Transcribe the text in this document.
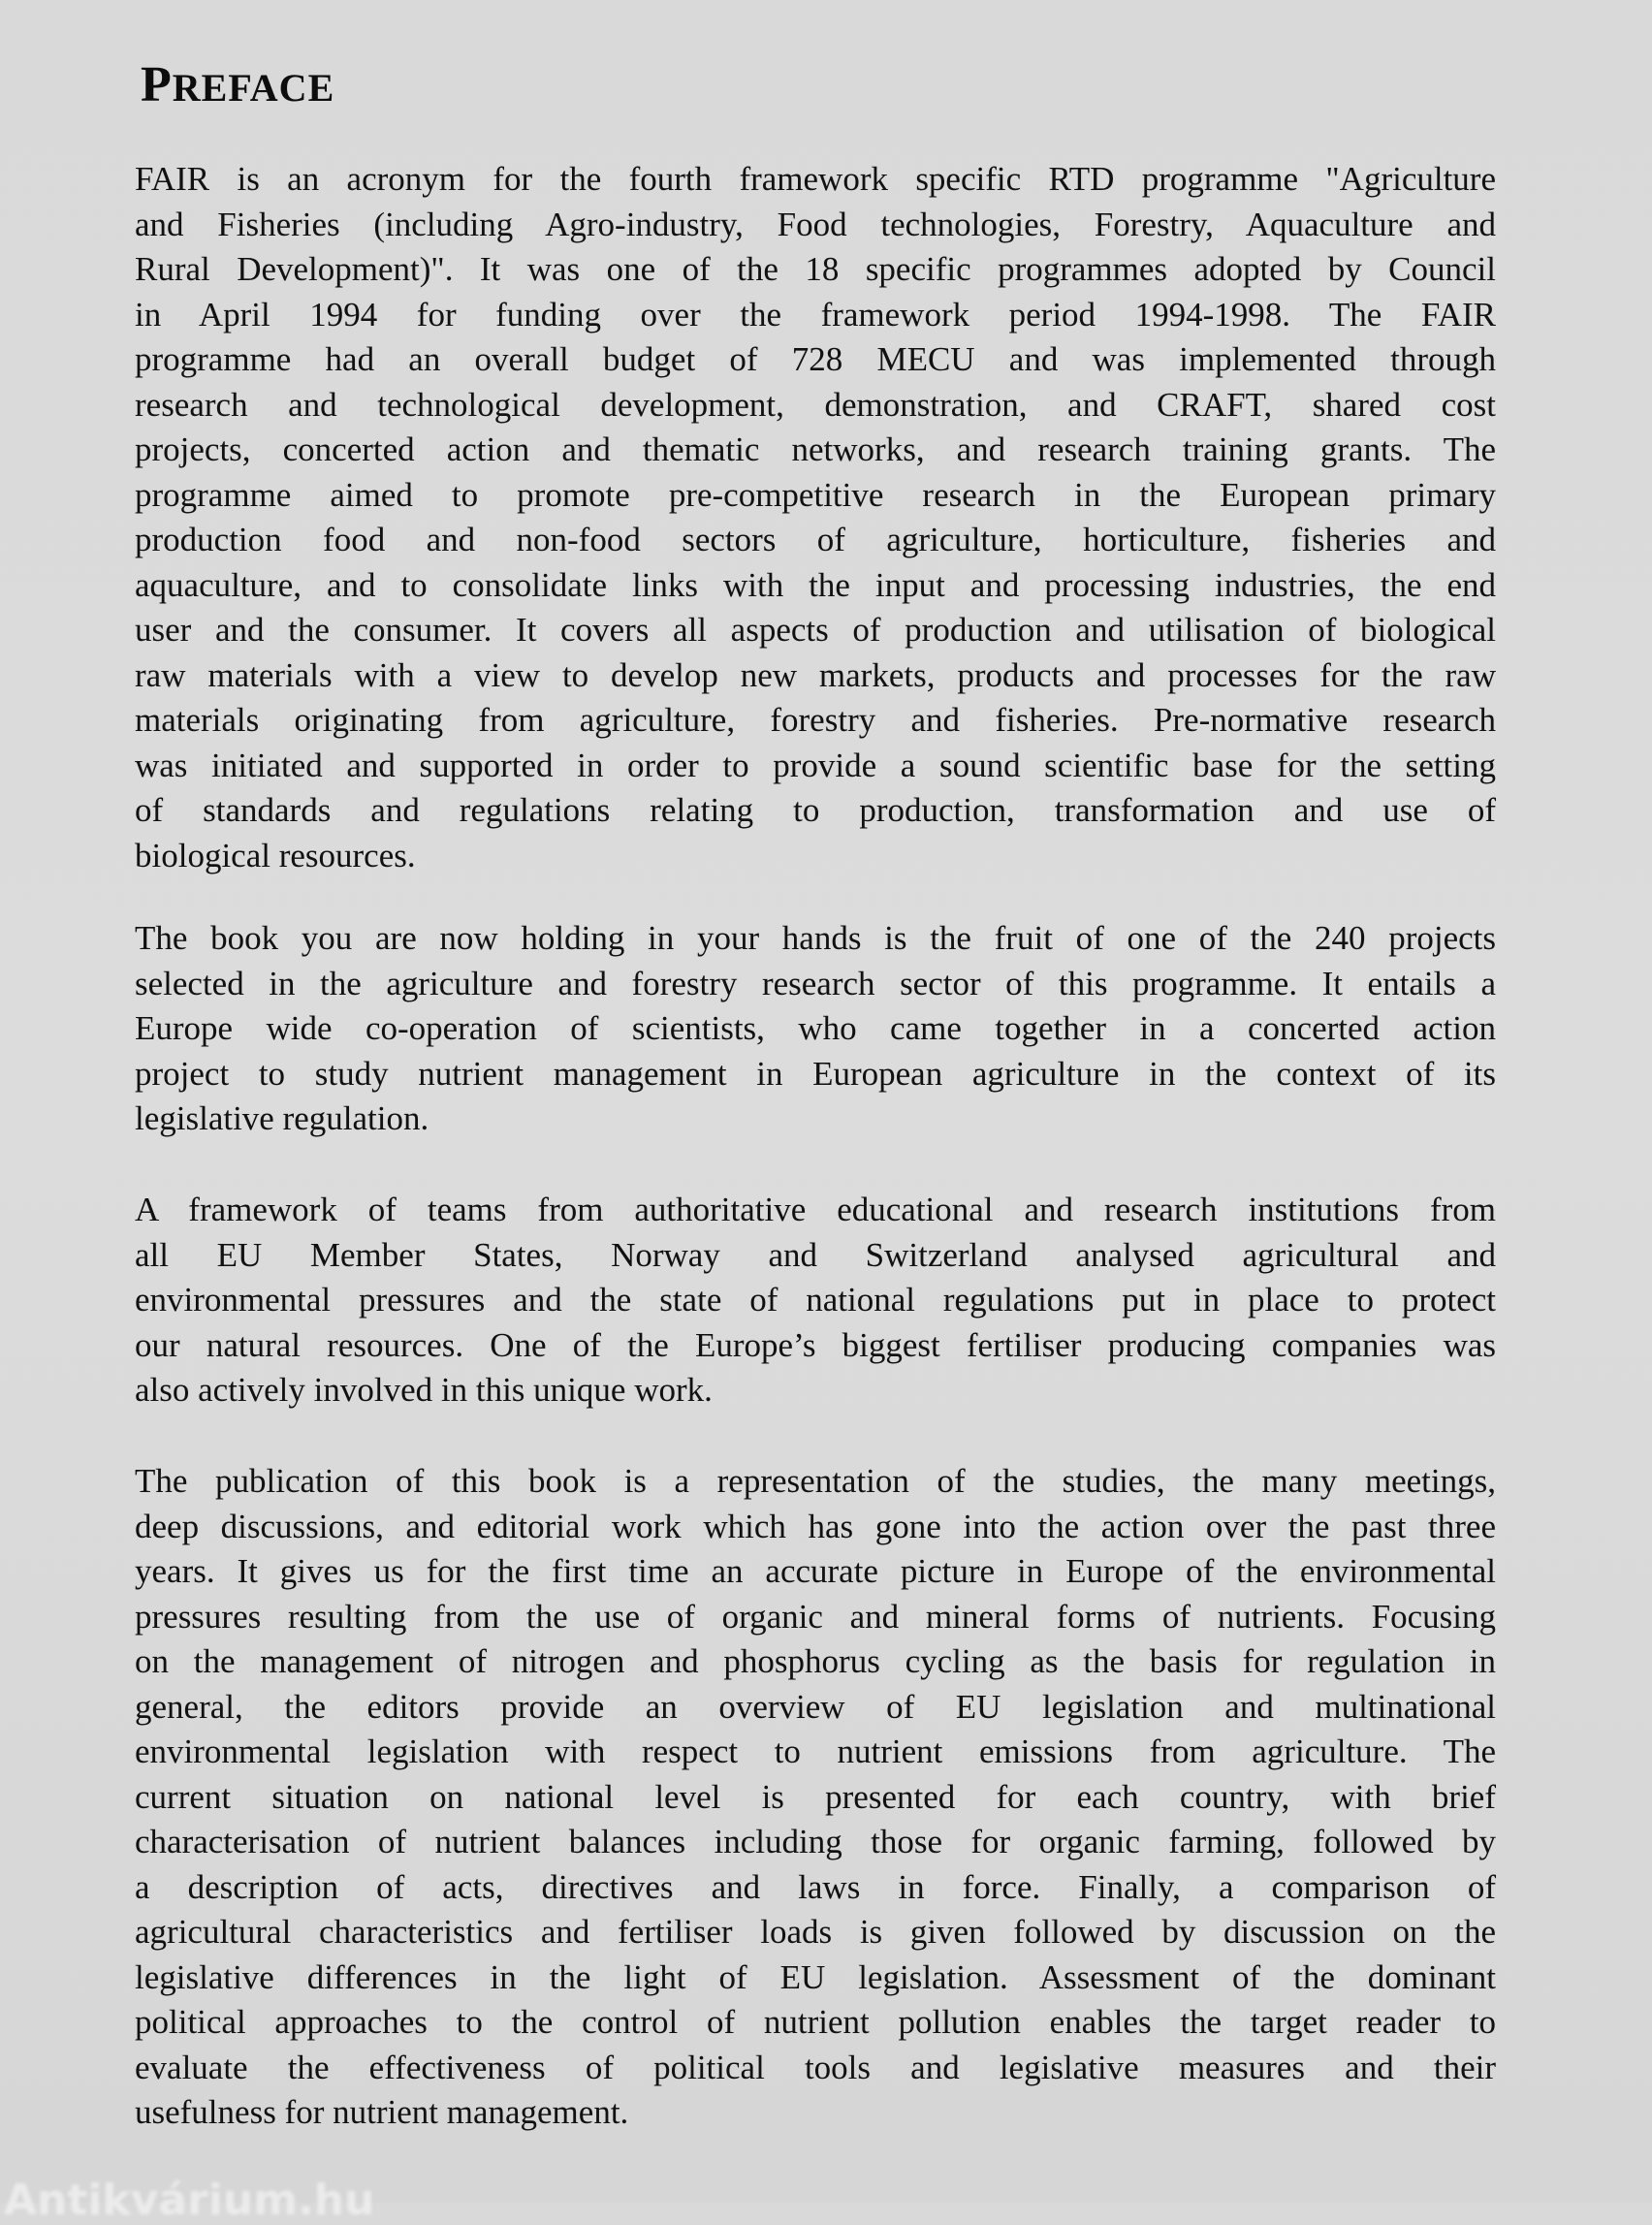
PREFACE
FAIR is an acronym for the fourth framework specific RTD programme "Agriculture
and Fisheries (including Agro-industry, Food technologies, Forestry, Aquaculture and
Rural Development)". It was one of the 18 specific programmes adopted by Council
in April 1994 for funding over the framework period 1994-1998. The FAIR
programme had an overall budget of 728 MECU and was implemented through
research and technological development, demonstration, and CRAFT, shared cost
projects, concerted action and thematic networks, and research training grants. The
programme aimed to promote pre-competitive research in the European primary
production food and non-food sectors of agriculture, horticulture, fisheries and
aquaculture, and to consolidate links with the input and processing industries, the end
user and the consumer. It covers all aspects of production and utilisation of biological
raw materials with a view to develop new markets, products and processes for the raw
materials originating from agriculture, forestry and fisheries. Pre-normative research
was initiated and supported in order to provide a sound scientific base for the setting
of standards and regulations relating to production, transformation and use of
biological resources.
The book you are now holding in your hands is the fruit of one of the 240 projects
selected in the agriculture and forestry research sector of this programme. It entails a
Europe wide co-operation of scientists, who came together in a concerted action
project to study nutrient management in European agriculture in the context of its
legislative regulation.
A framework of teams from authoritative educational and research institutions from
all EU Member States, Norway and Switzerland analysed agricultural and
environmental pressures and the state of national regulations put in place to protect
our natural resources. One of the Europe’s biggest fertiliser producing companies was
also actively involved in this unique work.
The publication of this book is a representation of the studies, the many meetings,
deep discussions, and editorial work which has gone into the action over the past three
years. It gives us for the first time an accurate picture in Europe of the environmental
pressures resulting from the use of organic and mineral forms of nutrients. Focusing
on the management of nitrogen and phosphorus cycling as the basis for regulation in
general, the editors provide an overview of EU legislation and multinational
environmental legislation with respect to nutrient emissions from agriculture. The
current situation on national level is presented for each country, with brief
characterisation of nutrient balances including those for organic farming, followed by
a description of acts, directives and laws in force. Finally, a comparison of
agricultural characteristics and fertiliser loads is given followed by discussion on the
legislative differences in the light of EU legislation. Assessment of the dominant
political approaches to the control of nutrient pollution enables the target reader to
evaluate the effectiveness of political tools and legislative measures and their
usefulness for nutrient management.
Antikvárium.hu
